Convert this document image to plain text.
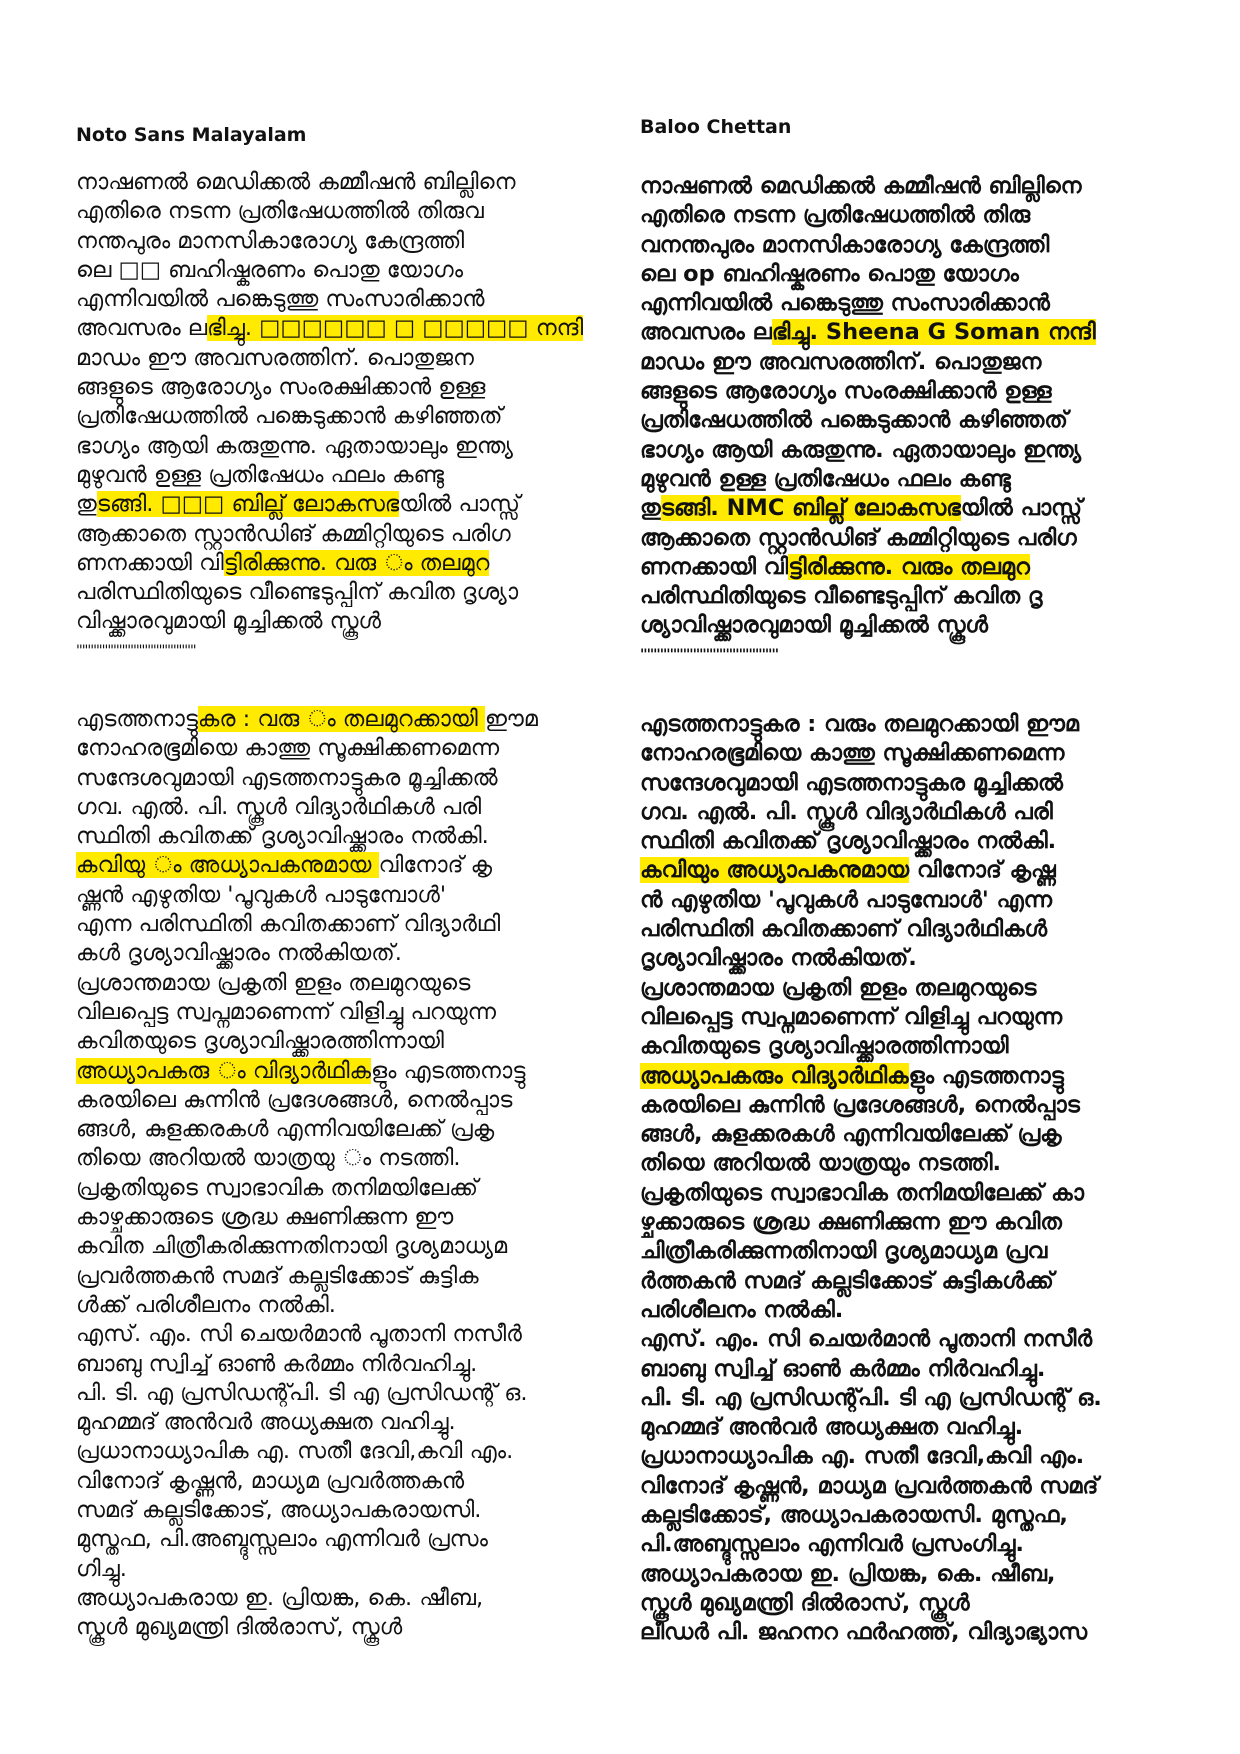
Noto Sans Malayalam
നാഷണൽ മെഡിക്കൽ കമ്മീഷൻ ബില്ലിനെ
എതിരെ നടന്ന പ്രതിഷേധത്തിൽ തിരുവ
നന്തപുരം മാനസികാരോഗ്യ കേന്ദ്രത്തി
ലെ □□ ബഹിഷ്കരണം പൊതു യോഗം
എന്നിവയിൽ പങ്കെടുത്തു സംസാരിക്കാൻ
അവസരം ലഭിച്ചു. □□□□□□ □ □□□□□ നന്ദി
മാഡം ഈ അവസരത്തിന്. പൊതുജന
ങ്ങളുടെ ആരോഗ്യം സംരക്ഷിക്കാൻ ഉള്ള
പ്രതിഷേധത്തിൽ പങ്കെടുക്കാൻ കഴിഞ്ഞത്
ഭാഗ്യം ആയി കരുതുന്നു. ഏതായാലും ഇന്ത്യ
മുഴുവൻ ഉള്ള പ്രതിഷേധം ഫലം കണ്ടു
തുടങ്ങി. □□□ ബില്ല് ലോകസഭയിൽ പാസ്സ്
ആക്കാതെ സ്റ്റാൻഡിങ് കമ്മിറ്റിയുടെ പരിഗ
ണനക്കായി വിട്ടിരിക്കുന്നു. വരു ം തലമുറ
പരിസ്ഥിതിയുടെ വീണ്ടെടുപ്പിന് കവിത ദൃശ്യാ
വിഷ്ക്കാരവുമായി മൂച്ചിക്കൽ സ്കൂൾ
''''''''''''''''''''''''''''''''''''''''''
എടത്തനാട്ടുകര : വരു ം തലമുറക്കായി ഈമ
നോഹരഭൂമിയെ കാത്തു സൂക്ഷിക്കണമെന്ന
സന്ദേശവുമായി എടത്തനാട്ടുകര മൂച്ചിക്കൽ
ഗവ. എൽ. പി. സ്കൂൾ വിദ്യാർഥികൾ പരി
സ്ഥിതി കവിതക്ക് ദൃശ്യാവിഷ്ക്കാരം നൽകി.
കവിയു ം അധ്യാപകനുമായ വിനോദ് കൃ
ഷ്ണൻ എഴുതിയ 'പൂവുകൾ പാടുമ്പോൾ'
എന്ന പരിസ്ഥിതി കവിതക്കാണ് വിദ്യാർഥി
കൾ ദൃശ്യാവിഷ്ക്കാരം നൽകിയത്.
പ്രശാന്തമായ പ്രകൃതി ഇളം തലമുറയുടെ
വിലപ്പെട്ട സ്വപ്നമാണെന്ന് വിളിച്ചു പറയുന്ന
കവിതയുടെ ദൃശ്യാവിഷ്ക്കാരത്തിന്നായി
അധ്യാപകരു ം വിദ്യാർഥികളും എടത്തനാട്ടു
കരയിലെ കുന്നിൻ പ്രദേശങ്ങൾ, നെൽപ്പാട
ങ്ങൾ, കുളക്കരകൾ എന്നിവയിലേക്ക് പ്രകൃ
തിയെ അറിയൽ യാത്രയു ം നടത്തി.
പ്രകൃതിയുടെ സ്വാഭാവിക തനിമയിലേക്ക്
കാഴ്ചക്കാരുടെ ശ്രദ്ധ ക്ഷണിക്കുന്ന ഈ
കവിത ചിത്രീകരിക്കുന്നതിനായി ദൃശ്യമാധ്യമ
പ്രവർത്തകൻ സമദ് കല്ലടിക്കോട് കുട്ടിക
ൾക്ക് പരിശീലനം നൽകി.
എസ്. എം. സി ചെയർമാൻ പൂതാനി നസീർ
ബാബു സ്വിച്ച് ഓൺ കർമ്മം നിർവഹിച്ചു.
പി. ടി. എ പ്രസിഡന്റ്പി. ടി എ പ്രസിഡന്റ് ഒ.
മുഹമ്മദ് അൻവർ അധ്യക്ഷത വഹിച്ചു.
പ്രധാനാധ്യാപിക എ. സതീ ദേവി,കവി എം.
വിനോദ് കൃഷ്ണൻ, മാധ്യമ പ്രവർത്തകൻ
സമദ് കല്ലടിക്കോട്, അധ്യാപകരായസി.
മുസ്തഫ, പി.അബ്ദുസ്സലാം എന്നിവർ പ്രസം
ഗിച്ചു.
അധ്യാപകരായ ഇ. പ്രിയങ്ക, കെ. ഷീബ,
സ്കൂൾ മുഖ്യമന്ത്രി ദിൽരാസ്, സ്കൂൾ
Baloo Chettan
നാഷണൽ മെഡിക്കൽ കമ്മീഷൻ ബില്ലിനെ
എതിരെ നടന്ന പ്രതിഷേധത്തിൽ തിരു
വനന്തപുരം മാനസികാരോഗ്യ കേന്ദ്രത്തി
ലെ op ബഹിഷ്കരണം പൊതു യോഗം
എന്നിവയിൽ പങ്കെടുത്തു സംസാരിക്കാൻ
അവസരം ലഭിച്ചു. Sheena G Soman നന്ദി
മാഡം ഈ അവസരത്തിന്. പൊതുജന
ങ്ങളുടെ ആരോഗ്യം സംരക്ഷിക്കാൻ ഉള്ള
പ്രതിഷേധത്തിൽ പങ്കെടുക്കാൻ കഴിഞ്ഞത്
ഭാഗ്യം ആയി കരുതുന്നു. ഏതായാലും ഇന്ത്യ
മുഴുവൻ ഉള്ള പ്രതിഷേധം ഫലം കണ്ടു
തുടങ്ങി. NMC ബില്ല് ലോകസഭയിൽ പാസ്സ്
ആക്കാതെ സ്റ്റാൻഡിങ് കമ്മിറ്റിയുടെ പരിഗ
ണനക്കായി വിട്ടിരിക്കുന്നു. വരും തലമുറ
പരിസ്ഥിതിയുടെ വീണ്ടെടുപ്പിന് കവിത ദൃ
ശ്യാവിഷ്ക്കാരവുമായി മൂച്ചിക്കൽ സ്കൂൾ
''''''''''''''''''''''''''''''''''''''''''
എടത്തനാട്ടുകര : വരും തലമുറക്കായി ഈമ
നോഹരഭൂമിയെ കാത്തു സൂക്ഷിക്കണമെന്ന
സന്ദേശവുമായി എടത്തനാട്ടുകര മൂച്ചിക്കൽ
ഗവ. എൽ. പി. സ്കൂൾ വിദ്യാർഥികൾ പരി
സ്ഥിതി കവിതക്ക് ദൃശ്യാവിഷ്ക്കാരം നൽകി.
കവിയും അധ്യാപകനുമായ വിനോദ് കൃഷ്ണ
ൻ എഴുതിയ 'പൂവുകൾ പാടുമ്പോൾ' എന്ന
പരിസ്ഥിതി കവിതക്കാണ് വിദ്യാർഥികൾ
ദൃശ്യാവിഷ്ക്കാരം നൽകിയത്.
പ്രശാന്തമായ പ്രകൃതി ഇളം തലമുറയുടെ
വിലപ്പെട്ട സ്വപ്നമാണെന്ന് വിളിച്ചു പറയുന്ന
കവിതയുടെ ദൃശ്യാവിഷ്ക്കാരത്തിന്നായി
അധ്യാപകരും വിദ്യാർഥികളും എടത്തനാട്ടു
കരയിലെ കുന്നിൻ പ്രദേശങ്ങൾ, നെൽപ്പാട
ങ്ങൾ, കുളക്കരകൾ എന്നിവയിലേക്ക് പ്രകൃ
തിയെ അറിയൽ യാത്രയും നടത്തി.
പ്രകൃതിയുടെ സ്വാഭാവിക തനിമയിലേക്ക് കാ
ഴ്ചക്കാരുടെ ശ്രദ്ധ ക്ഷണിക്കുന്ന ഈ കവിത
ചിത്രീകരിക്കുന്നതിനായി ദൃശ്യമാധ്യമ പ്രവ
ർത്തകൻ സമദ് കല്ലടിക്കോട് കുട്ടികൾക്ക്
പരിശീലനം നൽകി.
എസ്. എം. സി ചെയർമാൻ പൂതാനി നസീർ
ബാബു സ്വിച്ച് ഓൺ കർമ്മം നിർവഹിച്ചു.
പി. ടി. എ പ്രസിഡന്റ്പി. ടി എ പ്രസിഡന്റ് ഒ.
മുഹമ്മദ് അൻവർ അധ്യക്ഷത വഹിച്ചു.
പ്രധാനാധ്യാപിക എ. സതീ ദേവി,കവി എം.
വിനോദ് കൃഷ്ണൻ, മാധ്യമ പ്രവർത്തകൻ സമദ്
കല്ലടിക്കോട്, അധ്യാപകരായസി. മുസ്തഫ,
പി.അബ്ദുസ്സലാം എന്നിവർ പ്രസംഗിച്ചു.
അധ്യാപകരായ ഇ. പ്രിയങ്ക, കെ. ഷീബ,
സ്കൂൾ മുഖ്യമന്ത്രി ദിൽരാസ്, സ്കൂൾ
ലീഡർ പി. ജഹനറ ഫർഹത്ത്, വിദ്യാഭ്യാസ
